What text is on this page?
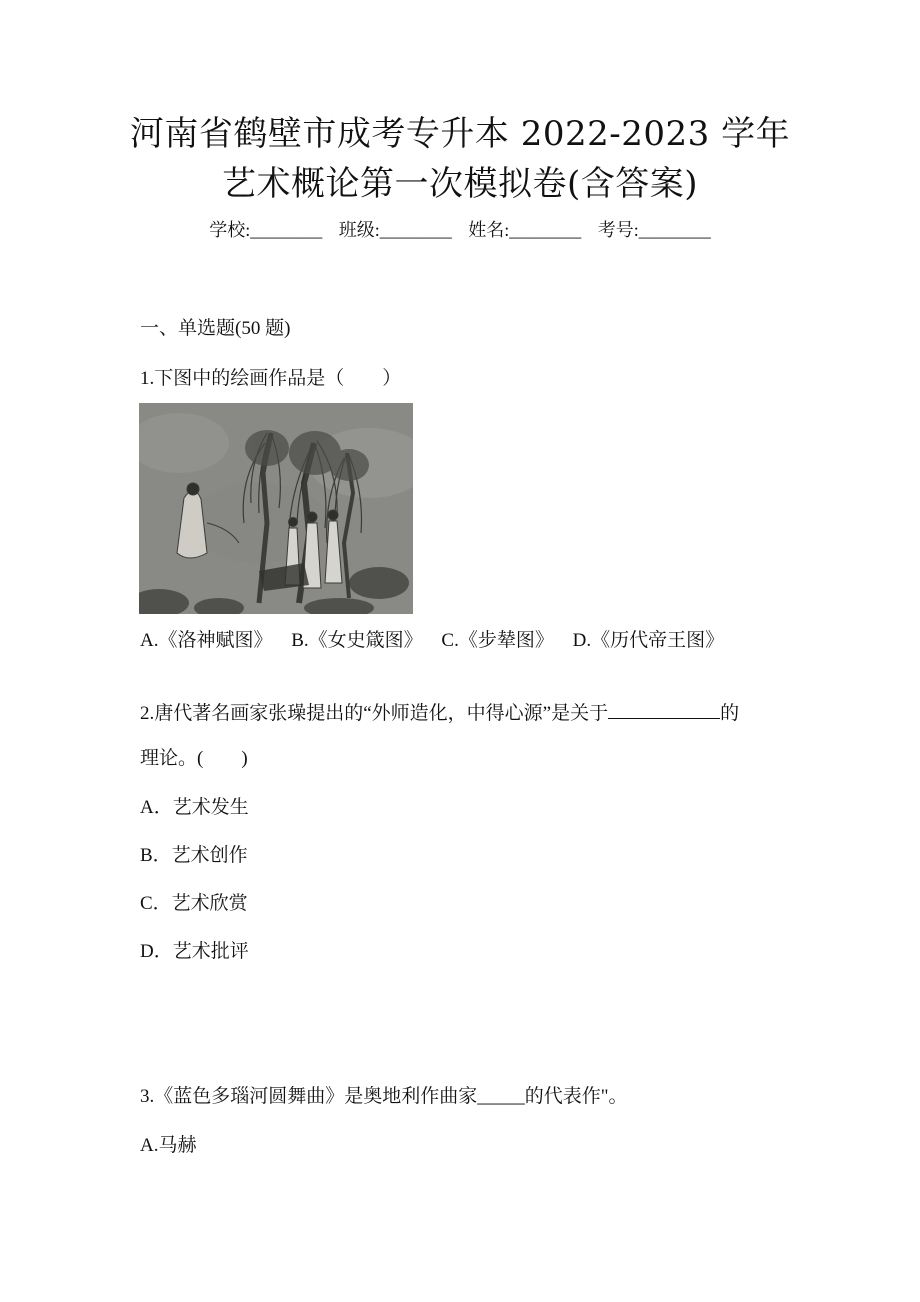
河南省鹤壁市成考专升本 2022-2023 学年
艺术概论第一次模拟卷(含答案)
学校:________ 班级:________ 姓名:________ 考号:________
一、单选题(50 题)
1.下图中的绘画作品是（　　）
A.《洛神赋图》 B.《女史箴图》 C.《步辇图》 D.《历代帝王图》
2.唐代著名画家张璪提出的“外师造化，中得心源”是关于	的
理论。(　　)
A．艺术发生
B．艺术创作
C．艺术欣赏
D．艺术批评
3.《蓝色多瑙河圆舞曲》是奥地利作曲家_____的代表作"。
A.马赫
